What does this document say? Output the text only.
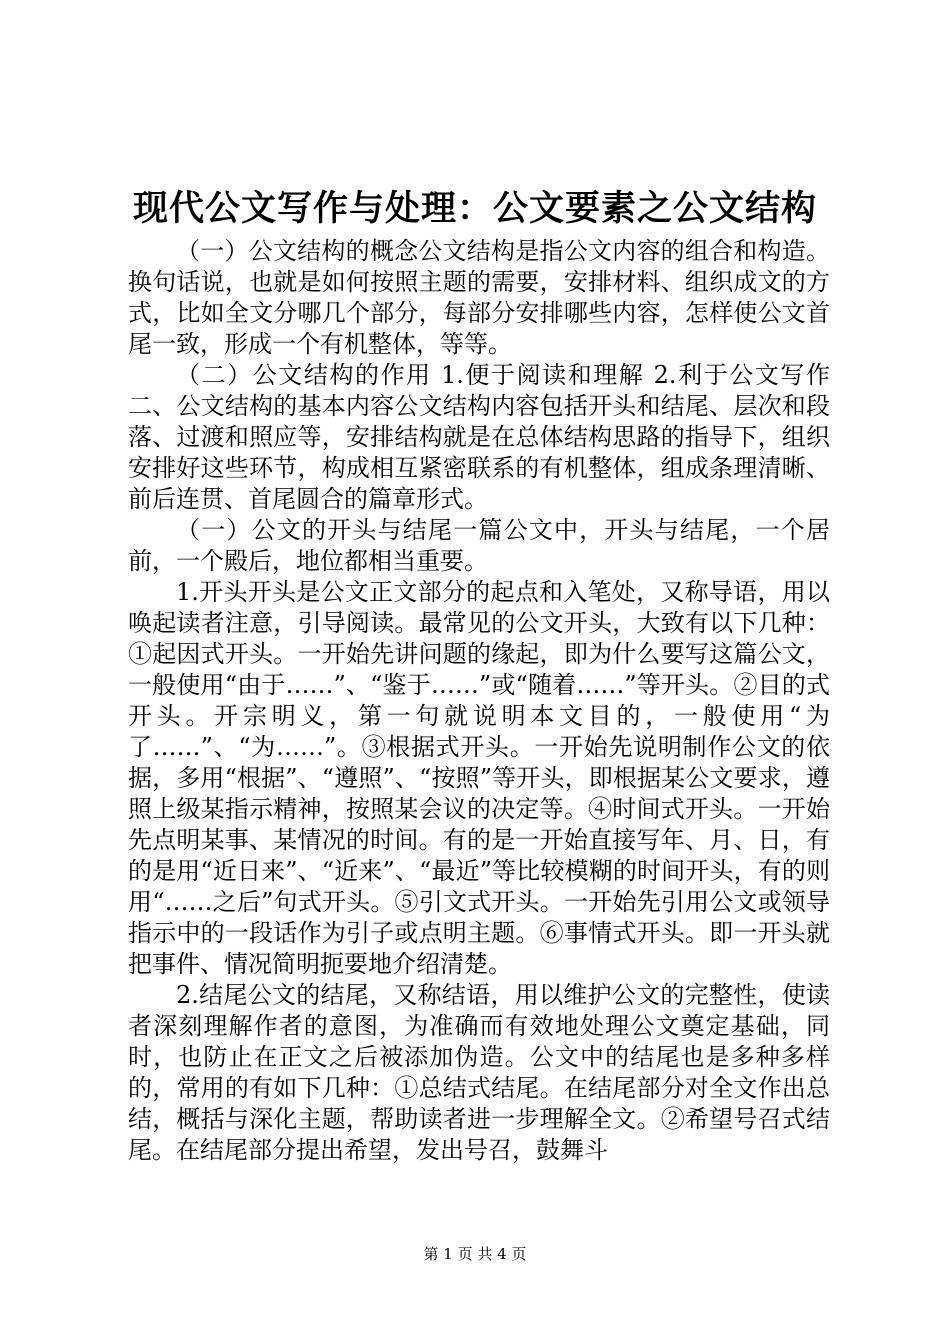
现代公文写作与处理：公文要素之公文结构

（一）公文结构的概念公文结构是指公文内容的组合和构造。换句话说，也就是如何按照主题的需要，安排材料、组织成文的方式，比如全文分哪几个部分，每部分安排哪些内容，怎样使公文首尾一致，形成一个有机整体，等等。

（二）公文结构的作用 1.便于阅读和理解 2.利于公文写作二、公文结构的基本内容公文结构内容包括开头和结尾、层次和段落、过渡和照应等，安排结构就是在总体结构思路的指导下，组织安排好这些环节，构成相互紧密联系的有机整体，组成条理清晰、前后连贯、首尾圆合的篇章形式。

（一）公文的开头与结尾一篇公文中，开头与结尾，一个居前，一个殿后，地位都相当重要。

1.开头开头是公文正文部分的起点和入笔处，又称导语，用以唤起读者注意，引导阅读。最常见的公文开头，大致有以下几种：①起因式开头。一开始先讲问题的缘起，即为什么要写这篇公文，一般使用“由于……”、“鉴于……”或“随着……”等开头。②目的式开头。开宗明义，第一句就说明本文目的，一般使用“为了……”、“为……”。③根据式开头。一开始先说明制作公文的依据，多用“根据”、“遵照”、“按照”等开头，即根据某公文要求，遵照上级某指示精神，按照某会议的决定等。④时间式开头。一开始先点明某事、某情况的时间。有的是一开始直接写年、月、日，有的是用“近日来”、“近来”、“最近”等比较模糊的时间开头，有的则用“……之后”句式开头。⑤引文式开头。一开始先引用公文或领导指示中的一段话作为引子或点明主题。⑥事情式开头。即一开头就把事件、情况简明扼要地介绍清楚。

2.结尾公文的结尾，又称结语，用以维护公文的完整性，使读者深刻理解作者的意图，为准确而有效地处理公文奠定基础，同时，也防止在正文之后被添加伪造。公文中的结尾也是多种多样的，常用的有如下几种：①总结式结尾。在结尾部分对全文作出总结，概括与深化主题，帮助读者进一步理解全文。②希望号召式结尾。在结尾部分提出希望，发出号召，鼓舞斗

第 1 页 共 4 页
